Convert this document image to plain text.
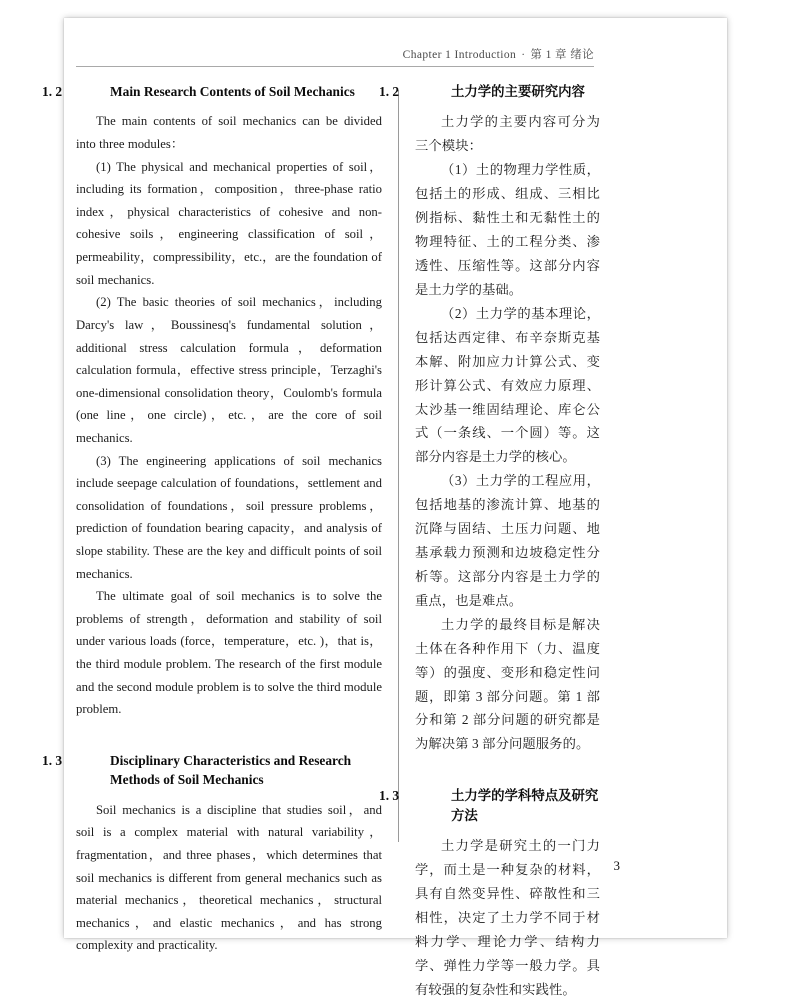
Chapter 1 Introduction · 第 1 章 绪论
1. 2	Main Research Contents of Soil Mechanics

The main contents of soil mechanics can be divided into three modules：

(1) The physical and mechanical properties of soil，including its formation，composition，three-phase ratio index，physical characteristics of cohesive and non-cohesive soils，engineering classification of soil，permeability，compressibility，etc.，are the foundation of soil mechanics.

(2) The basic theories of soil mechanics，including Darcy's law，Boussinesq's fundamental solution，additional stress calculation formula，deformation calculation formula，effective stress principle，Terzaghi's one-dimensional consolidation theory，Coulomb's formula (one line，one circle)，etc.，are the core of soil mechanics.

(3) The engineering applications of soil mechanics include seepage calculation of foundations，settlement and consolidation of foundations，soil pressure problems，prediction of foundation bearing capacity，and analysis of slope stability. These are the key and difficult points of soil mechanics.

The ultimate goal of soil mechanics is to solve the problems of strength，deformation and stability of soil under various loads (force，temperature，etc. )，that is，the third module problem. The research of the first module and the second module problem is to solve the third module problem.

1. 3	Disciplinary Characteristics and Research Methods of Soil Mechanics

Soil mechanics is a discipline that studies soil，and soil is a complex material with natural variability，fragmentation，and three phases，which determines that soil mechanics is different from general mechanics such as material mechanics，theoretical mechanics，structural mechanics，and elastic mechanics，and has strong complexity and practicality.

1. 2	土力学的主要研究内容

土力学的主要内容可分为三个模块：

（1）土的物理力学性质，包括土的形成、组成、三相比例指标、黏性土和无黏性土的物理特征、土的工程分类、渗透性、压缩性等。这部分内容是土力学的基础。

（2）土力学的基本理论，包括达西定律、布辛奈斯克基本解、附加应力计算公式、变形计算公式、有效应力原理、太沙基一维固结理论、库仑公式（一条线、一个圆）等。这部分内容是土力学的核心。

（3）土力学的工程应用，包括地基的渗流计算、地基的沉降与固结、土压力问题、地基承载力预测和边坡稳定性分析等。这部分内容是土力学的重点，也是难点。

土力学的最终目标是解决土体在各种作用下（力、温度等）的强度、变形和稳定性问题，即第 3 部分问题。第 1 部分和第 2 部分问题的研究都是为解决第 3 部分问题服务的。

1. 3	土力学的学科特点及研究方法

土力学是研究土的一门力学，而土是一种复杂的材料，具有自然变异性、碎散性和三相性，决定了土力学不同于材料力学、理论力学、结构力学、弹性力学等一般力学。具有较强的复杂性和实践性。

3
